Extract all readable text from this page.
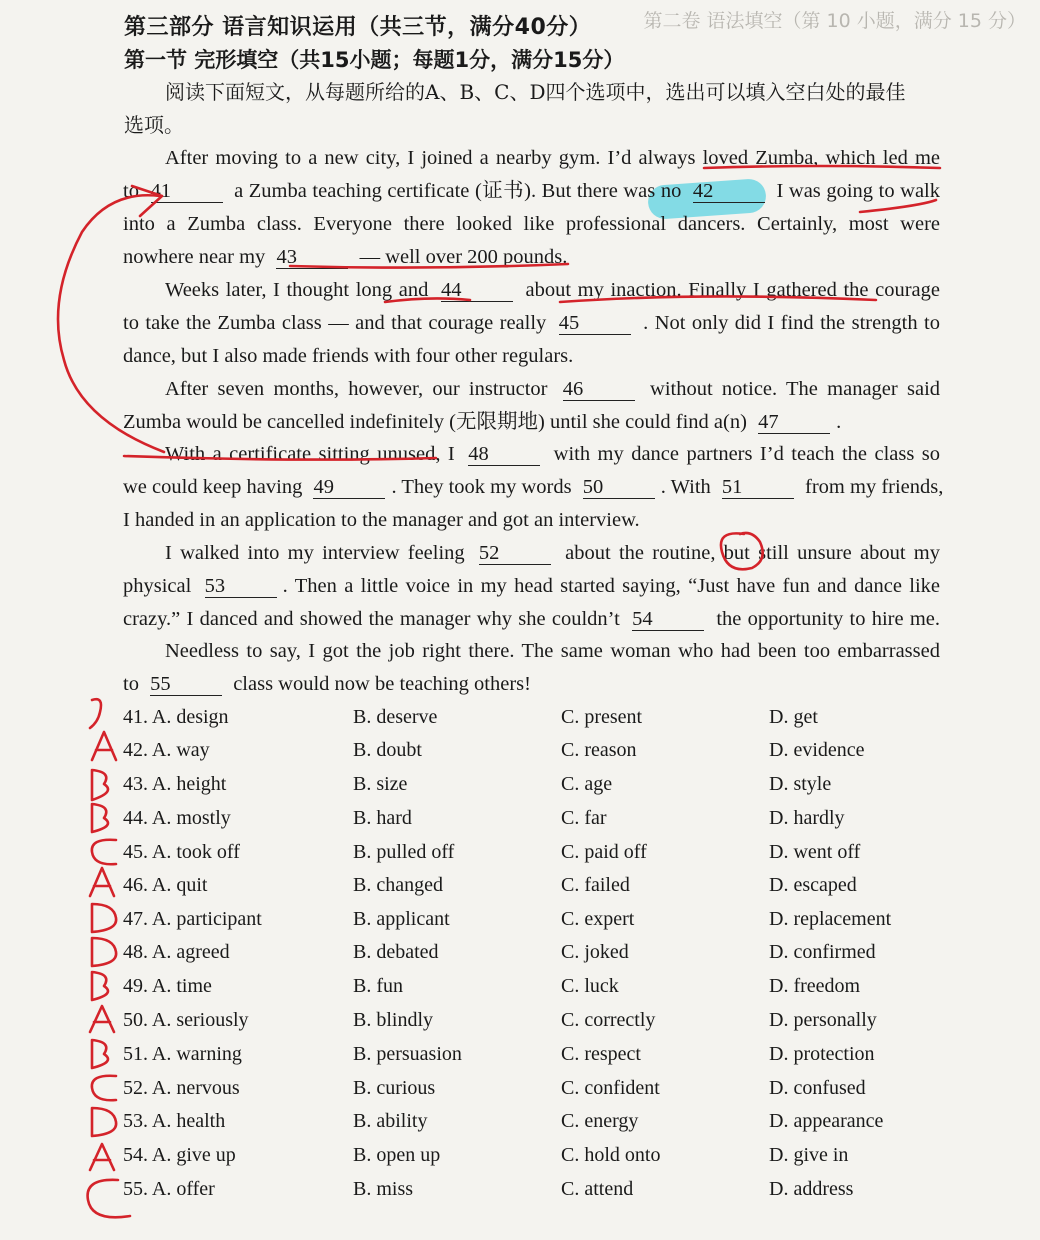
第二卷 语法填空（第 10 小题，满分 15 分）
第三部分 语言知识运用（共三节，满分40分）
第一节 完形填空（共15小题；每题1分，满分15分）
阅读下面短文，从每题所给的A、B、C、D四个选项中，选出可以填入空白处的最佳
选项。
After moving to a new city, I joined a nearby gym. I’d always loved Zumba, which led me
to 41	a Zumba teaching certificate (证书). But there was no 42	I was going to walk
into a Zumba class. Everyone there looked like professional dancers. Certainly, most were
nowhere near my 43	— well over 200 pounds.
Weeks later, I thought long and 44	about my inaction. Finally I gathered the courage
to take the Zumba class — and that courage really 45	. Not only did I find the strength to
dance, but I also made friends with four other regulars.
After seven months, however, our instructor 46	without notice. The manager said
Zumba would be cancelled indefinitely (无限期地) until she could find a(n) 47	.
With a certificate sitting unused, I 48	with my dance partners I’d teach the class so
we could keep having 49	. They took my words 50	. With 51	from my friends,
I handed in an application to the manager and got an interview.
I walked into my interview feeling 52	about the routine, but still unsure about my
physical 53	. Then a little voice in my head started saying, “Just have fun and dance like
crazy.” I danced and showed the manager why she couldn’t 54	the opportunity to hire me.
Needless to say, I got the job right there. The same woman who had been too embarrassed
to 55	class would now be teaching others!
41. A. design	B. deserve	C. present	D. get
42. A. way	B. doubt	C. reason	D. evidence
43. A. height	B. size	C. age	D. style
44. A. mostly	B. hard	C. far	D. hardly
45. A. took off	B. pulled off	C. paid off	D. went off
46. A. quit	B. changed	C. failed	D. escaped
47. A. participant	B. applicant	C. expert	D. replacement
48. A. agreed	B. debated	C. joked	D. confirmed
49. A. time	B. fun	C. luck	D. freedom
50. A. seriously	B. blindly	C. correctly	D. personally
51. A. warning	B. persuasion	C. respect	D. protection
52. A. nervous	B. curious	C. confident	D. confused
53. A. health	B. ability	C. energy	D. appearance
54. A. give up	B. open up	C. hold onto	D. give in
55. A. offer	B. miss	C. attend	D. address
